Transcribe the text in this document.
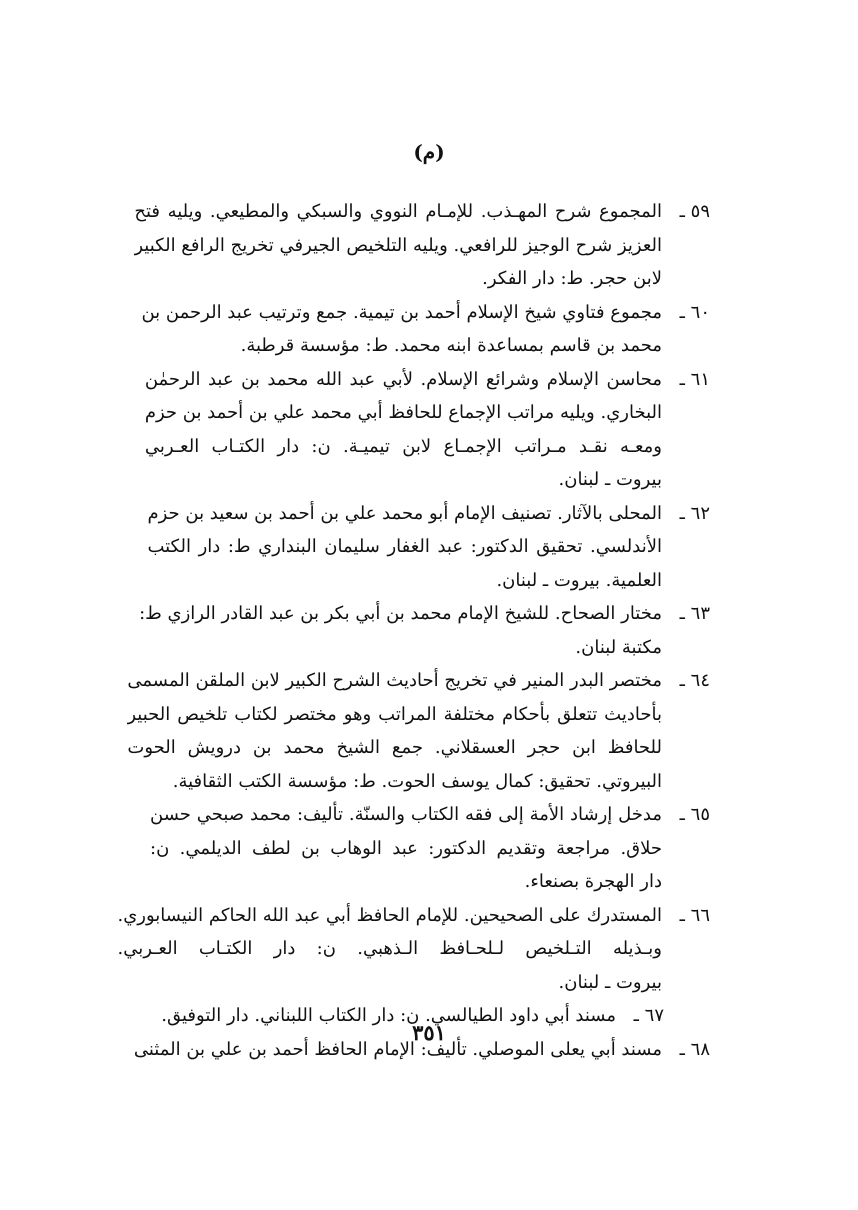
(م)
٥٩ ـ
المجموع شرح المهـذب. للإمـام النووي والسبكي والمطيعي. ويليه فتح
العزيز شرح الوجيز للرافعي. ويليه التلخيص الجيرفي تخريج الرافع الكبير
لابن حجر. ط: دار الفكر.
٦٠ ـ
مجموع فتاوي شيخ الإسلام أحمد بن تيمية. جمع وترتيب عبد الرحمن بن
محمد بن قاسم بمساعدة ابنه محمد. ط: مؤسسة قرطبة.
٦١ ـ
محاسن الإسلام وشرائع الإسلام. لأبي عبد الله محمد بن عبد الرحمٰن
البخاري. ويليه مراتب الإجماع للحافظ أبي محمد علي بن أحمد بن حزم
ومعـه نقـد مـراتب الإجمـاع لابن تيميـة. ن: دار الكتـاب العـربي
بيروت ـ لبنان.
٦٢ ـ
المحلى بالآثار. تصنيف الإمام أبو محمد علي بن أحمد بن سعيد بن حزم
الأندلسي. تحقيق الدكتور: عبد الغفار سليمان البنداري ط: دار الكتب
العلمية. بيروت ـ لبنان.
٦٣ ـ
مختار الصحاح. للشيخ الإمام محمد بن أبي بكر بن عبد القادر الرازي ط:
مكتبة لبنان.
٦٤ ـ
مختصر البدر المنير في تخريج أحاديث الشرح الكبير لابن الملقن المسمى
بأحاديث تتعلق بأحكام مختلفة المراتب وهو مختصر لكتاب تلخيص الحبير
للحافظ ابن حجر العسقلاني. جمع الشيخ محمد بن درويش الحوت
البيروتي. تحقيق: كمال يوسف الحوت. ط: مؤسسة الكتب الثقافية.
٦٥ ـ
مدخل إرشاد الأمة إلى فقه الكتاب والسنّة. تأليف: محمد صبحي حسن
حلاق. مراجعة وتقديم الدكتور: عبد الوهاب بن لطف الديلمي. ن:
دار الهجرة بصنعاء.
٦٦ ـ
المستدرك على الصحيحين. للإمام الحافظ أبي عبد الله الحاكم النيسابوري.
وبـذيله التـلخيص لـلحـافظ الـذهبي. ن: دار الكتـاب العـربي.
بيروت ـ لبنان.
٦٧ ـ
مسند أبي داود الطيالسي. ن: دار الكتاب اللبناني. دار التوفيق.
٦٨ ـ
مسند أبي يعلى الموصلي. تأليف: الإمام الحافظ أحمد بن علي بن المثنى
٣٥١
